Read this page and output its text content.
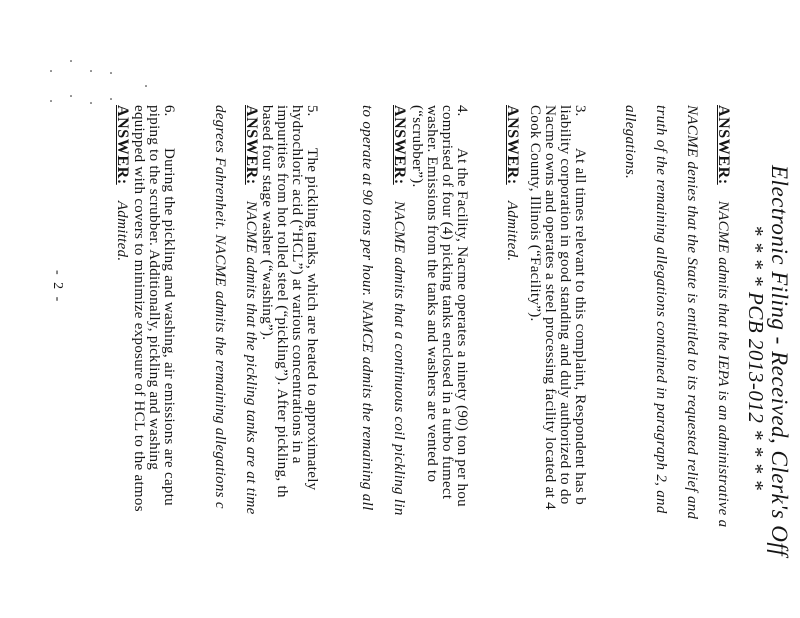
Electronic Filing - Received, Clerk's Off
* * * * PCB 2013-012 * * * *
ANSWER: NACME admits that the IEPA is an administrative a
NACME denies that the State is entitled to its requested relief and
truth of the remaining allegations contained in paragraph 2, and
allegations.
3.
At all times relevant to this complaint, Respondent has b
liability corporation in good standing and duly authorized to do
Nacme owns and operates a steel processing facility located at 4
Cook County, Illinois (“Facility”).
ANSWER: Admitted.
4.
At the Facility, Nacme operates a ninety (90) ton per hou
comprised of four (4) picking tanks enclosed in a turbo fumect
washer. Emissions from the tanks and washers are vented to
(“scrubber”).
ANSWER: NACME admits that a continuous coil pickling lin
to operate at 90 tons per hour. NAMCE admits the remaining all
5.
The pickling tanks, which are heated to approximately
hydrochloric acid (“HCL”) at various concentrations in a
impurities from hot rolled steel (“pickling”). After pickling, th
based four stage washer (“washing”).
ANSWER: NACME admits that the pickling tanks are at time
degrees Fahrenheit. NACME admits the remaining allegations c
6.
During the pickling and washing, air emissions are captu
piping to the scrubber. Additionally, pickling and washing
equipped with covers to minimize exposure of HCL to the atmos
ANSWER: Admitted.
- 2 -
